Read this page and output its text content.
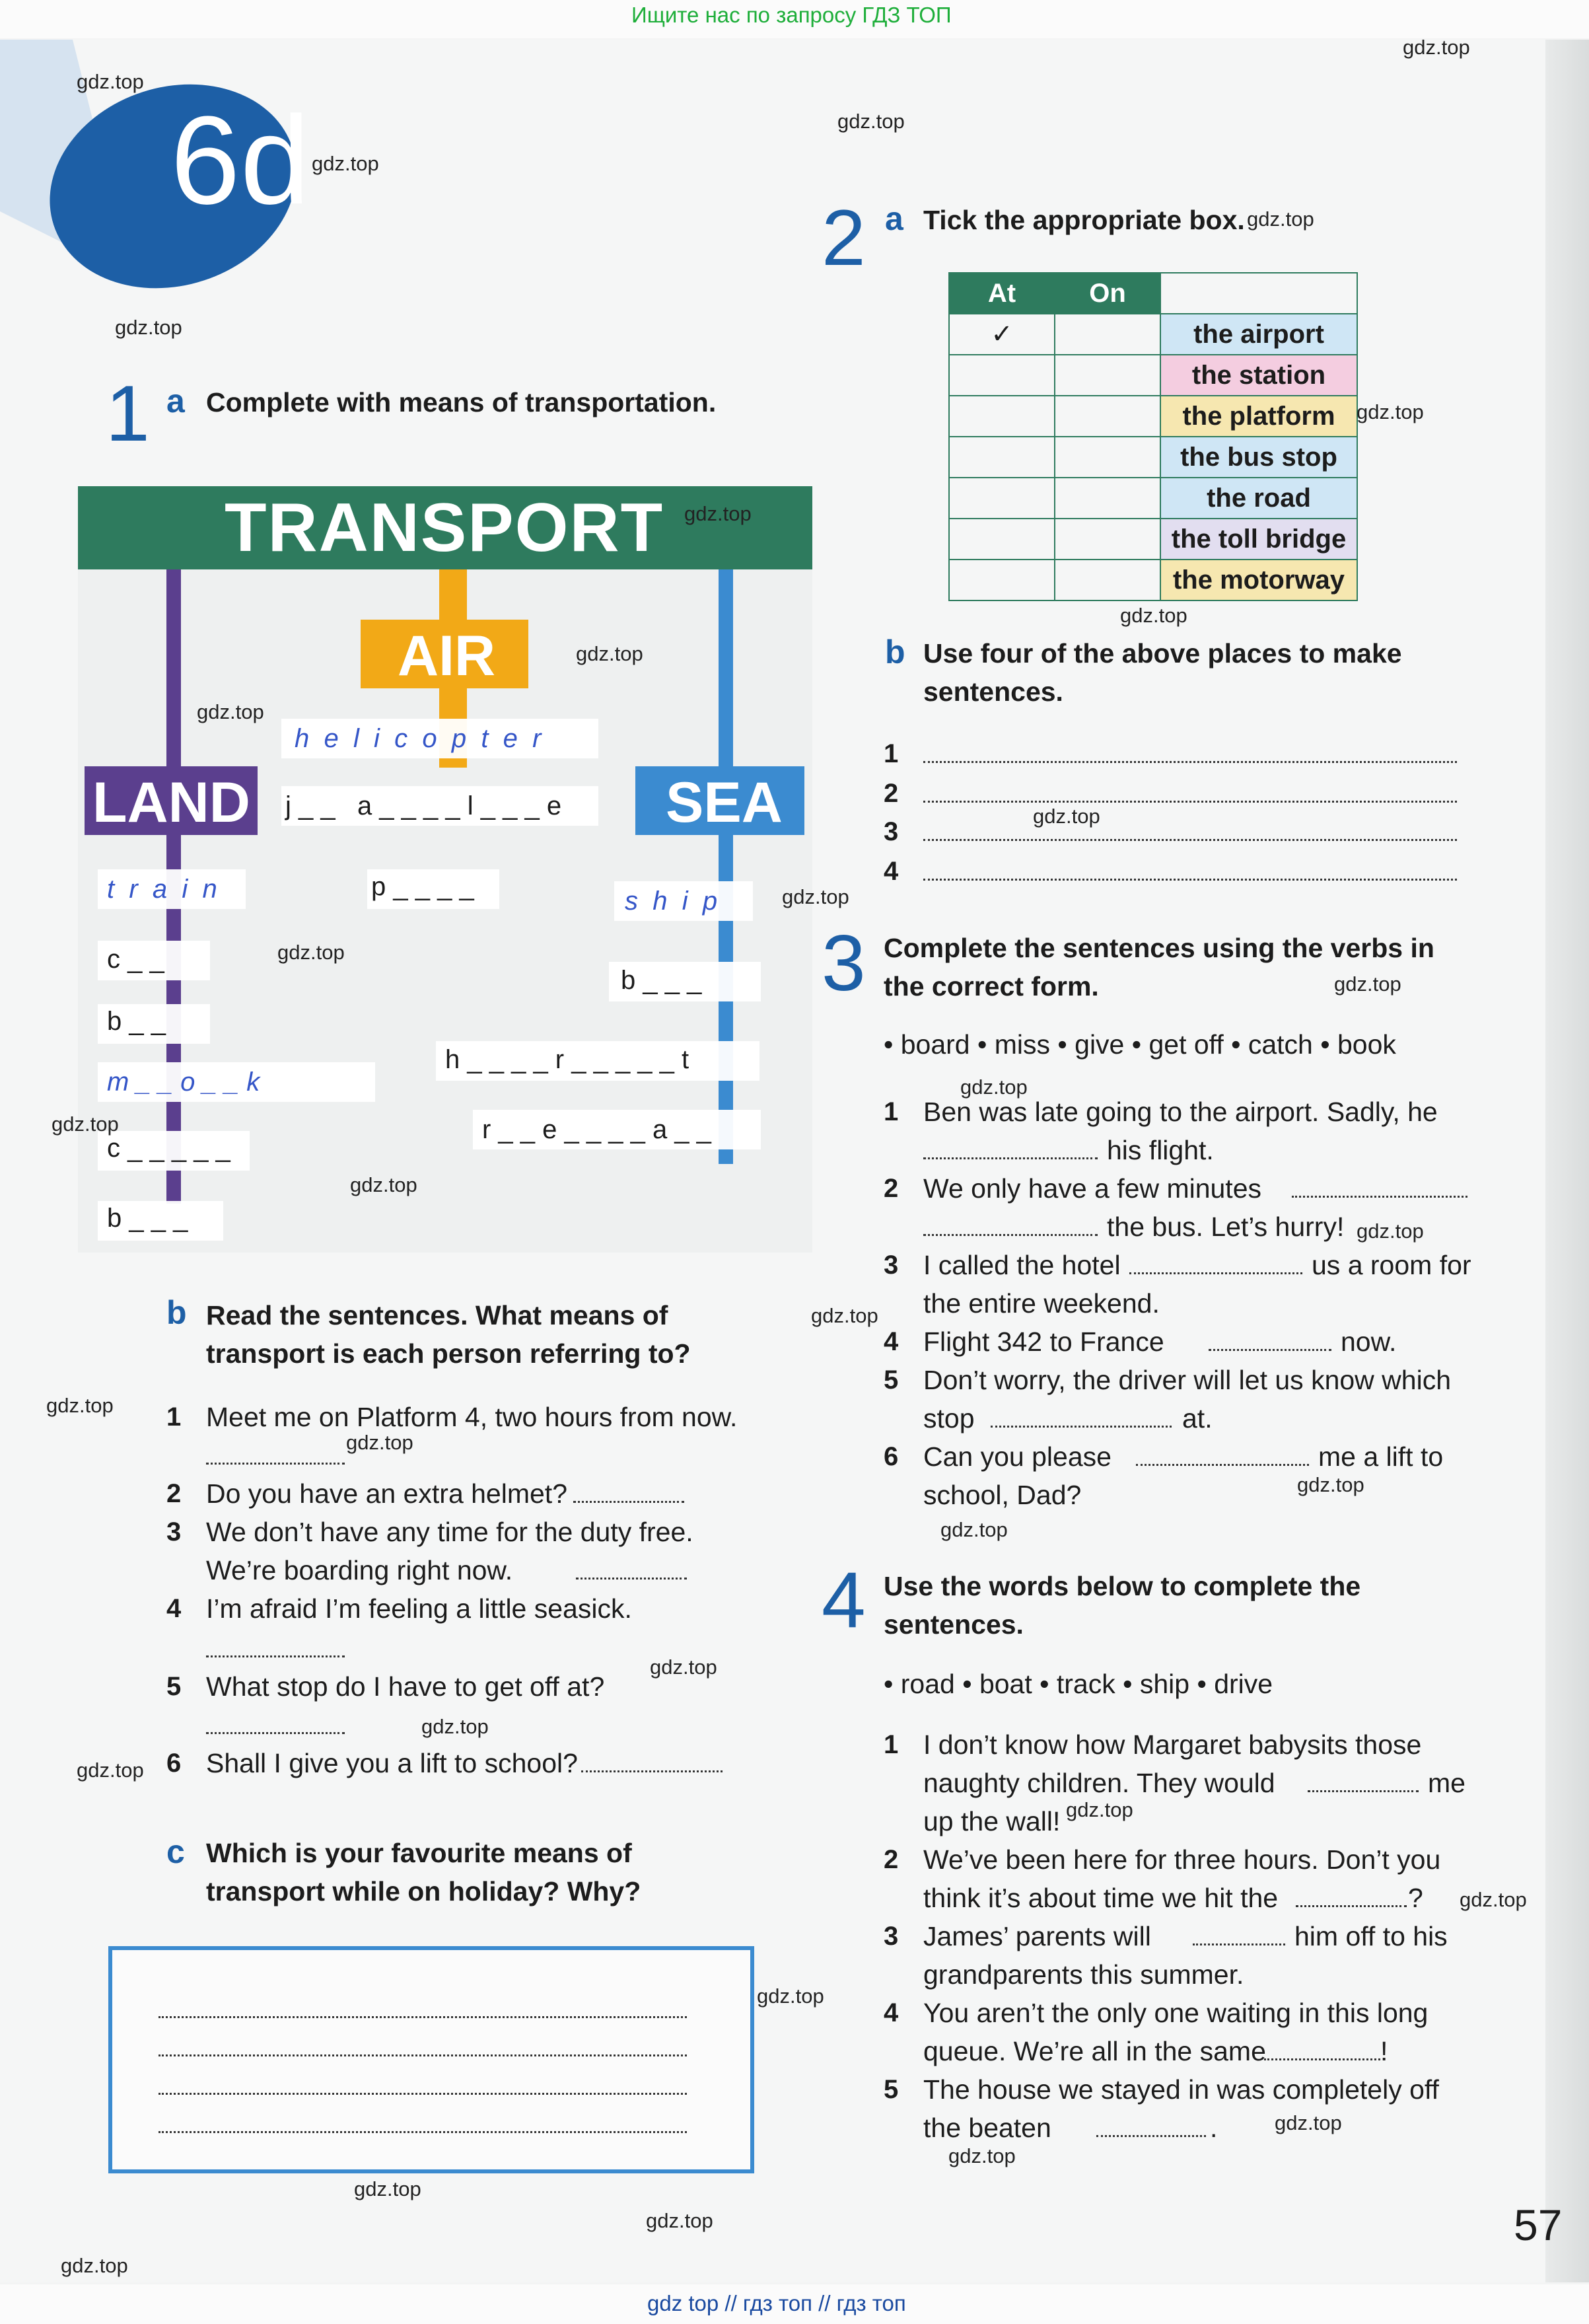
Ищите нас по запросу ГДЗ ТОП
6d
1 a Complete with means of transportation.
TRANSPORT
AIR
LAND	SEA
h  e  l  i  c  o  p  t  e  r
j _ _   a _ _ _ _ l _ _ _ e
t  r  a  i  n	p _ _ _ _
c _ _
b _ _
m _ _ o _ _ k
c _ _ _ _ _
b _ _ _
s  h  i  p
b _ _ _
h _ _ _ _ r _ _ _ _ _ t
r _ _ e _ _ _ _ a _ _
b Read the sentences. What means of transport is each person referring to?
1 Meet me on Platform 4, two hours from now.
2 Do you have an extra helmet?
3 We don’t have any time for the duty free. We’re boarding right now.
4 I’m afraid I’m feeling a little seasick.
5 What stop do I have to get off at?
6 Shall I give you a lift to school?
c Which is your favourite means of transport while on holiday? Why?
2 a Tick the appropriate box.
At	On	
✓		the airport
		the station
		the platform
		the bus stop
		the road
		the toll bridge
		the motorway
b Use four of the above places to make sentences.
1
2
3
4
3 Complete the sentences using the verbs in the correct form.
• board • miss • give • get off • catch • book
1 Ben was late going to the airport. Sadly, he
his flight.
2 We only have a few minutes
the bus. Let’s hurry!
3 I called the hotel	us a room for
the entire weekend.
4 Flight 342 to France	now.
5 Don’t worry, the driver will let us know which
stop	at.
6 Can you please	me a lift to
school, Dad?
4 Use the words below to complete the sentences.
• road • boat • track • ship • drive
1 I don’t know how Margaret babysits those
naughty children. They would	me
up the wall!
2 We’ve been here for three hours. Don’t you
think it’s about time we hit the	?
3 James’ parents will	him off to his
grandparents this summer.
4 You aren’t the only one waiting in this long
queue. We’re all in the same	!
5 The house we stayed in was completely off
the beaten	.
57
gdz.top
gdz.top
gdz.top
gdz.top
gdz.top
gdz.top
gdz.top
gdz.top
gdz.top
gdz.top
gdz.top
gdz.top
gdz.top
gdz.top
gdz.top
gdz.top
gdz.top
gdz.top
gdz.top
gdz.top
gdz.top
gdz.top
gdz.top
gdz.top
gdz.top
gdz.top
gdz.top
gdz.top
gdz.top
gdz.top
gdz.top
gdz.top
gdz.top
gdz.top
gdz.top
gdz top // гдз топ // гдз топ
